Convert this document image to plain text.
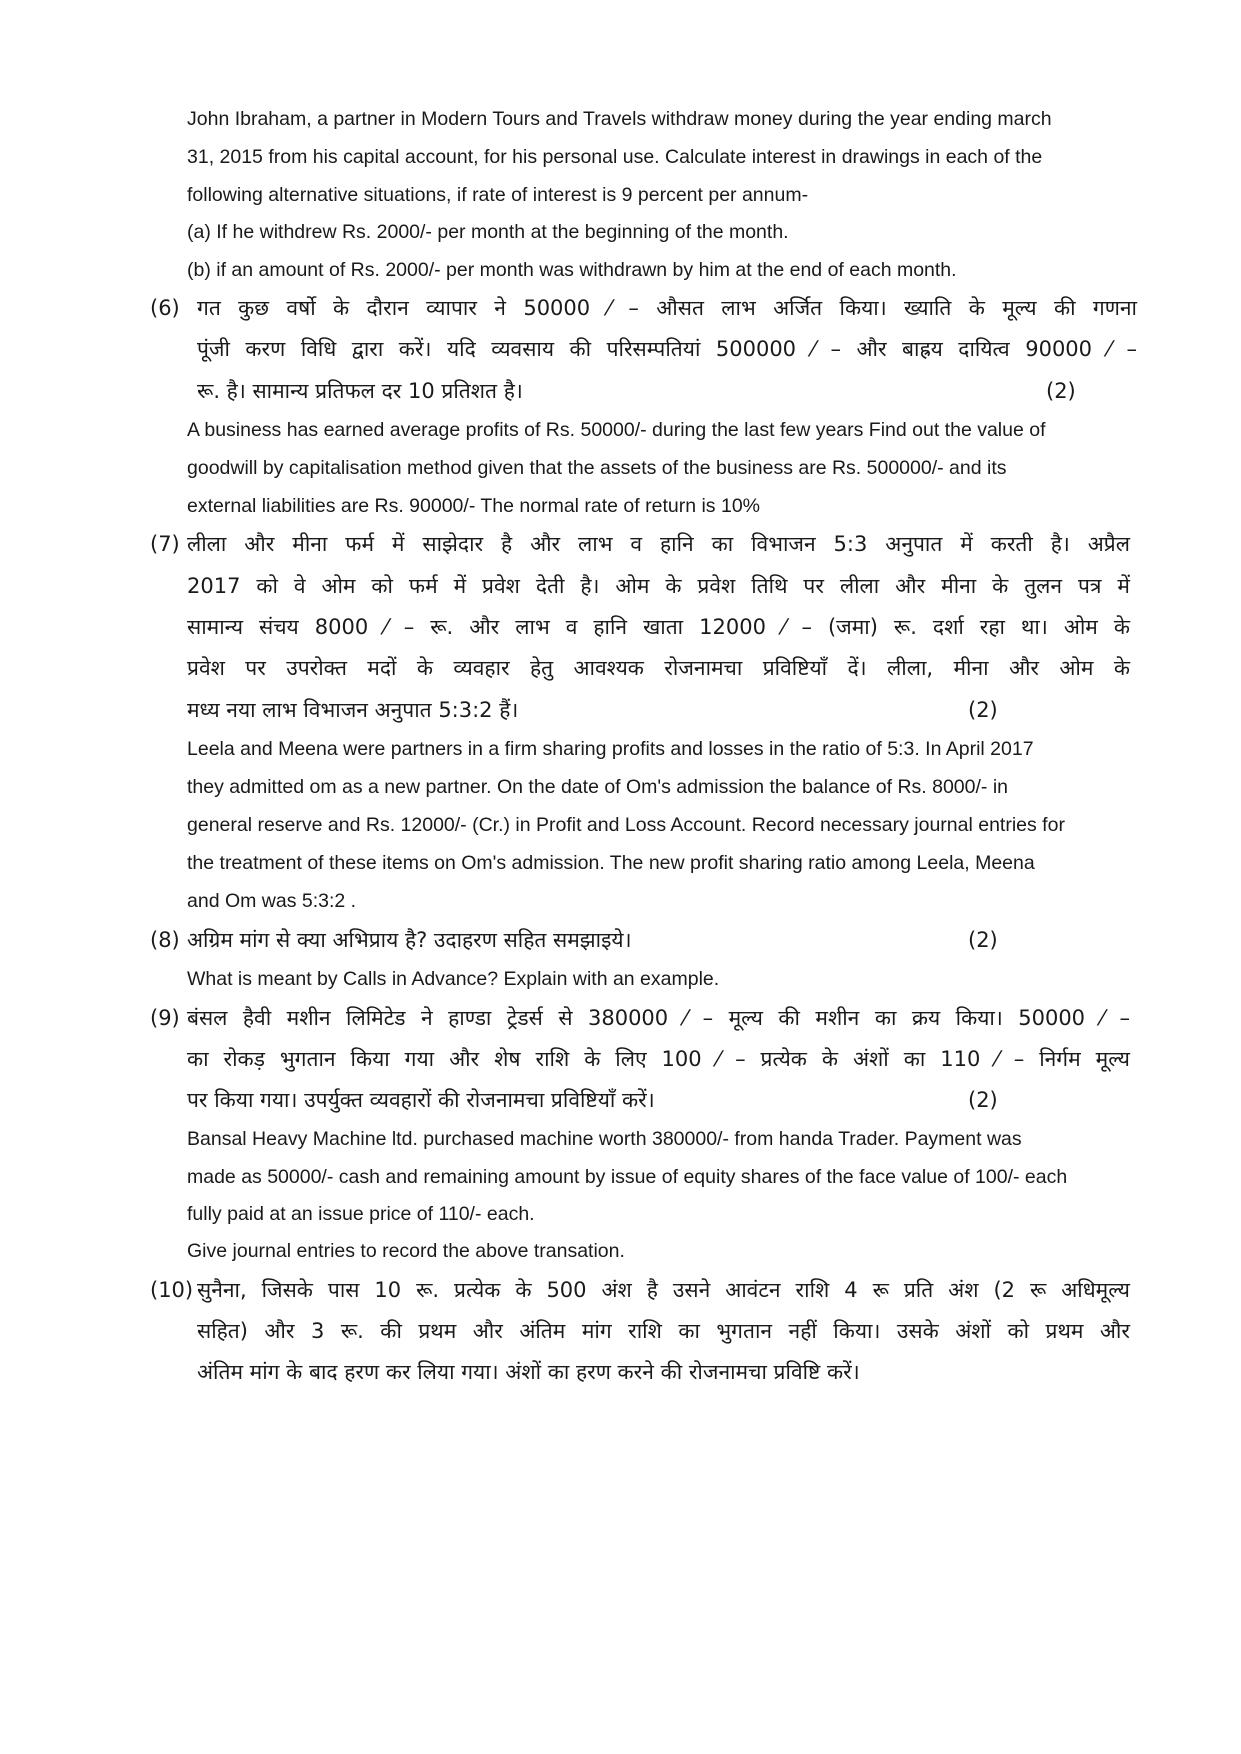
John Ibraham, a partner in Modern Tours and Travels withdraw money during the year ending march
31, 2015 from his capital account, for his personal use. Calculate interest in drawings in each of the
following alternative situations, if rate of interest is 9 percent per annum-
(a) If he withdrew Rs. 2000/- per month at the beginning of the month.
(b) if an amount of Rs. 2000/- per month was withdrawn by him at the end of each month.
(6) गत कुछ वर्षो के दौरान व्यापार ने 50000 ⁄ – औसत लाभ अर्जित किया। ख्याति के मूल्य की गणना
पूंजी करण विधि द्वारा करें। यदि व्यवसाय की परिसम्पतियां 500000 ⁄ – और बाह्रय दायित्व 90000 ⁄ –
रू. है। सामान्य प्रतिफल दर 10 प्रतिशत है।	(2)
A business has earned average profits of Rs. 50000/- during the last few years Find out the value of
goodwill by capitalisation method given that the assets of the business are Rs. 500000/- and its
external liabilities are Rs. 90000/- The normal rate of return is 10%
(7) लीला और मीना फर्म में साझेदार है और लाभ व हानि का विभाजन 5:3 अनुपात में करती है। अप्रैल
2017 को वे ओम को फर्म में प्रवेश देती है। ओम के प्रवेश तिथि पर लीला और मीना के तुलन पत्र में
सामान्य संचय 8000 ⁄ – रू. और लाभ व हानि खाता 12000 ⁄ – (जमा) रू. दर्शा रहा था। ओम के
प्रवेश पर उपरोक्त मदों के व्यवहार हेतु आवश्यक रोजनामचा प्रविष्टियाँ दें। लीला, मीना और ओम के
मध्य नया लाभ विभाजन अनुपात 5:3:2 हैं।	(2)
Leela and Meena were partners in a firm sharing profits and losses in the ratio of 5:3. In April 2017
they admitted om as a new partner. On the date of Om's admission the balance of Rs. 8000/- in
general reserve and Rs. 12000/- (Cr.) in Profit and Loss Account. Record necessary journal entries for
the treatment of these items on Om's admission. The new profit sharing ratio among Leela, Meena
and Om was 5:3:2 .
(8) अग्रिम मांग से क्या अभिप्राय है? उदाहरण सहित समझाइये।	(2)
What is meant by Calls in Advance? Explain with an example.
(9) बंसल हैवी मशीन लिमिटेड ने हाण्डा ट्रेडर्स से 380000 ⁄ – मूल्य की मशीन का क्रय किया। 50000 ⁄ –
का रोकड़ भुगतान किया गया और शेष राशि के लिए 100 ⁄ – प्रत्येक के अंशों का 110 ⁄ – निर्गम मूल्य
पर किया गया। उपर्युक्त व्यवहारों की रोजनामचा प्रविष्टियाँ करें।	(2)
Bansal Heavy Machine ltd. purchased machine worth 380000/- from handa Trader. Payment was
made as 50000/- cash and remaining amount by issue of equity shares of the face value of 100/- each
fully paid at an issue price of 110/- each.
Give journal entries to record the above transation.
(10) सुनैना, जिसके पास 10 रू. प्रत्येक के 500 अंश है उसने आवंटन राशि 4 रू प्रति अंश (2 रू अधिमूल्य
सहित) और 3 रू. की प्रथम और अंतिम मांग राशि का भुगतान नहीं किया। उसके अंशों को प्रथम और
अंतिम मांग के बाद हरण कर लिया गया। अंशों का हरण करने की रोजनामचा प्रविष्टि करें।
